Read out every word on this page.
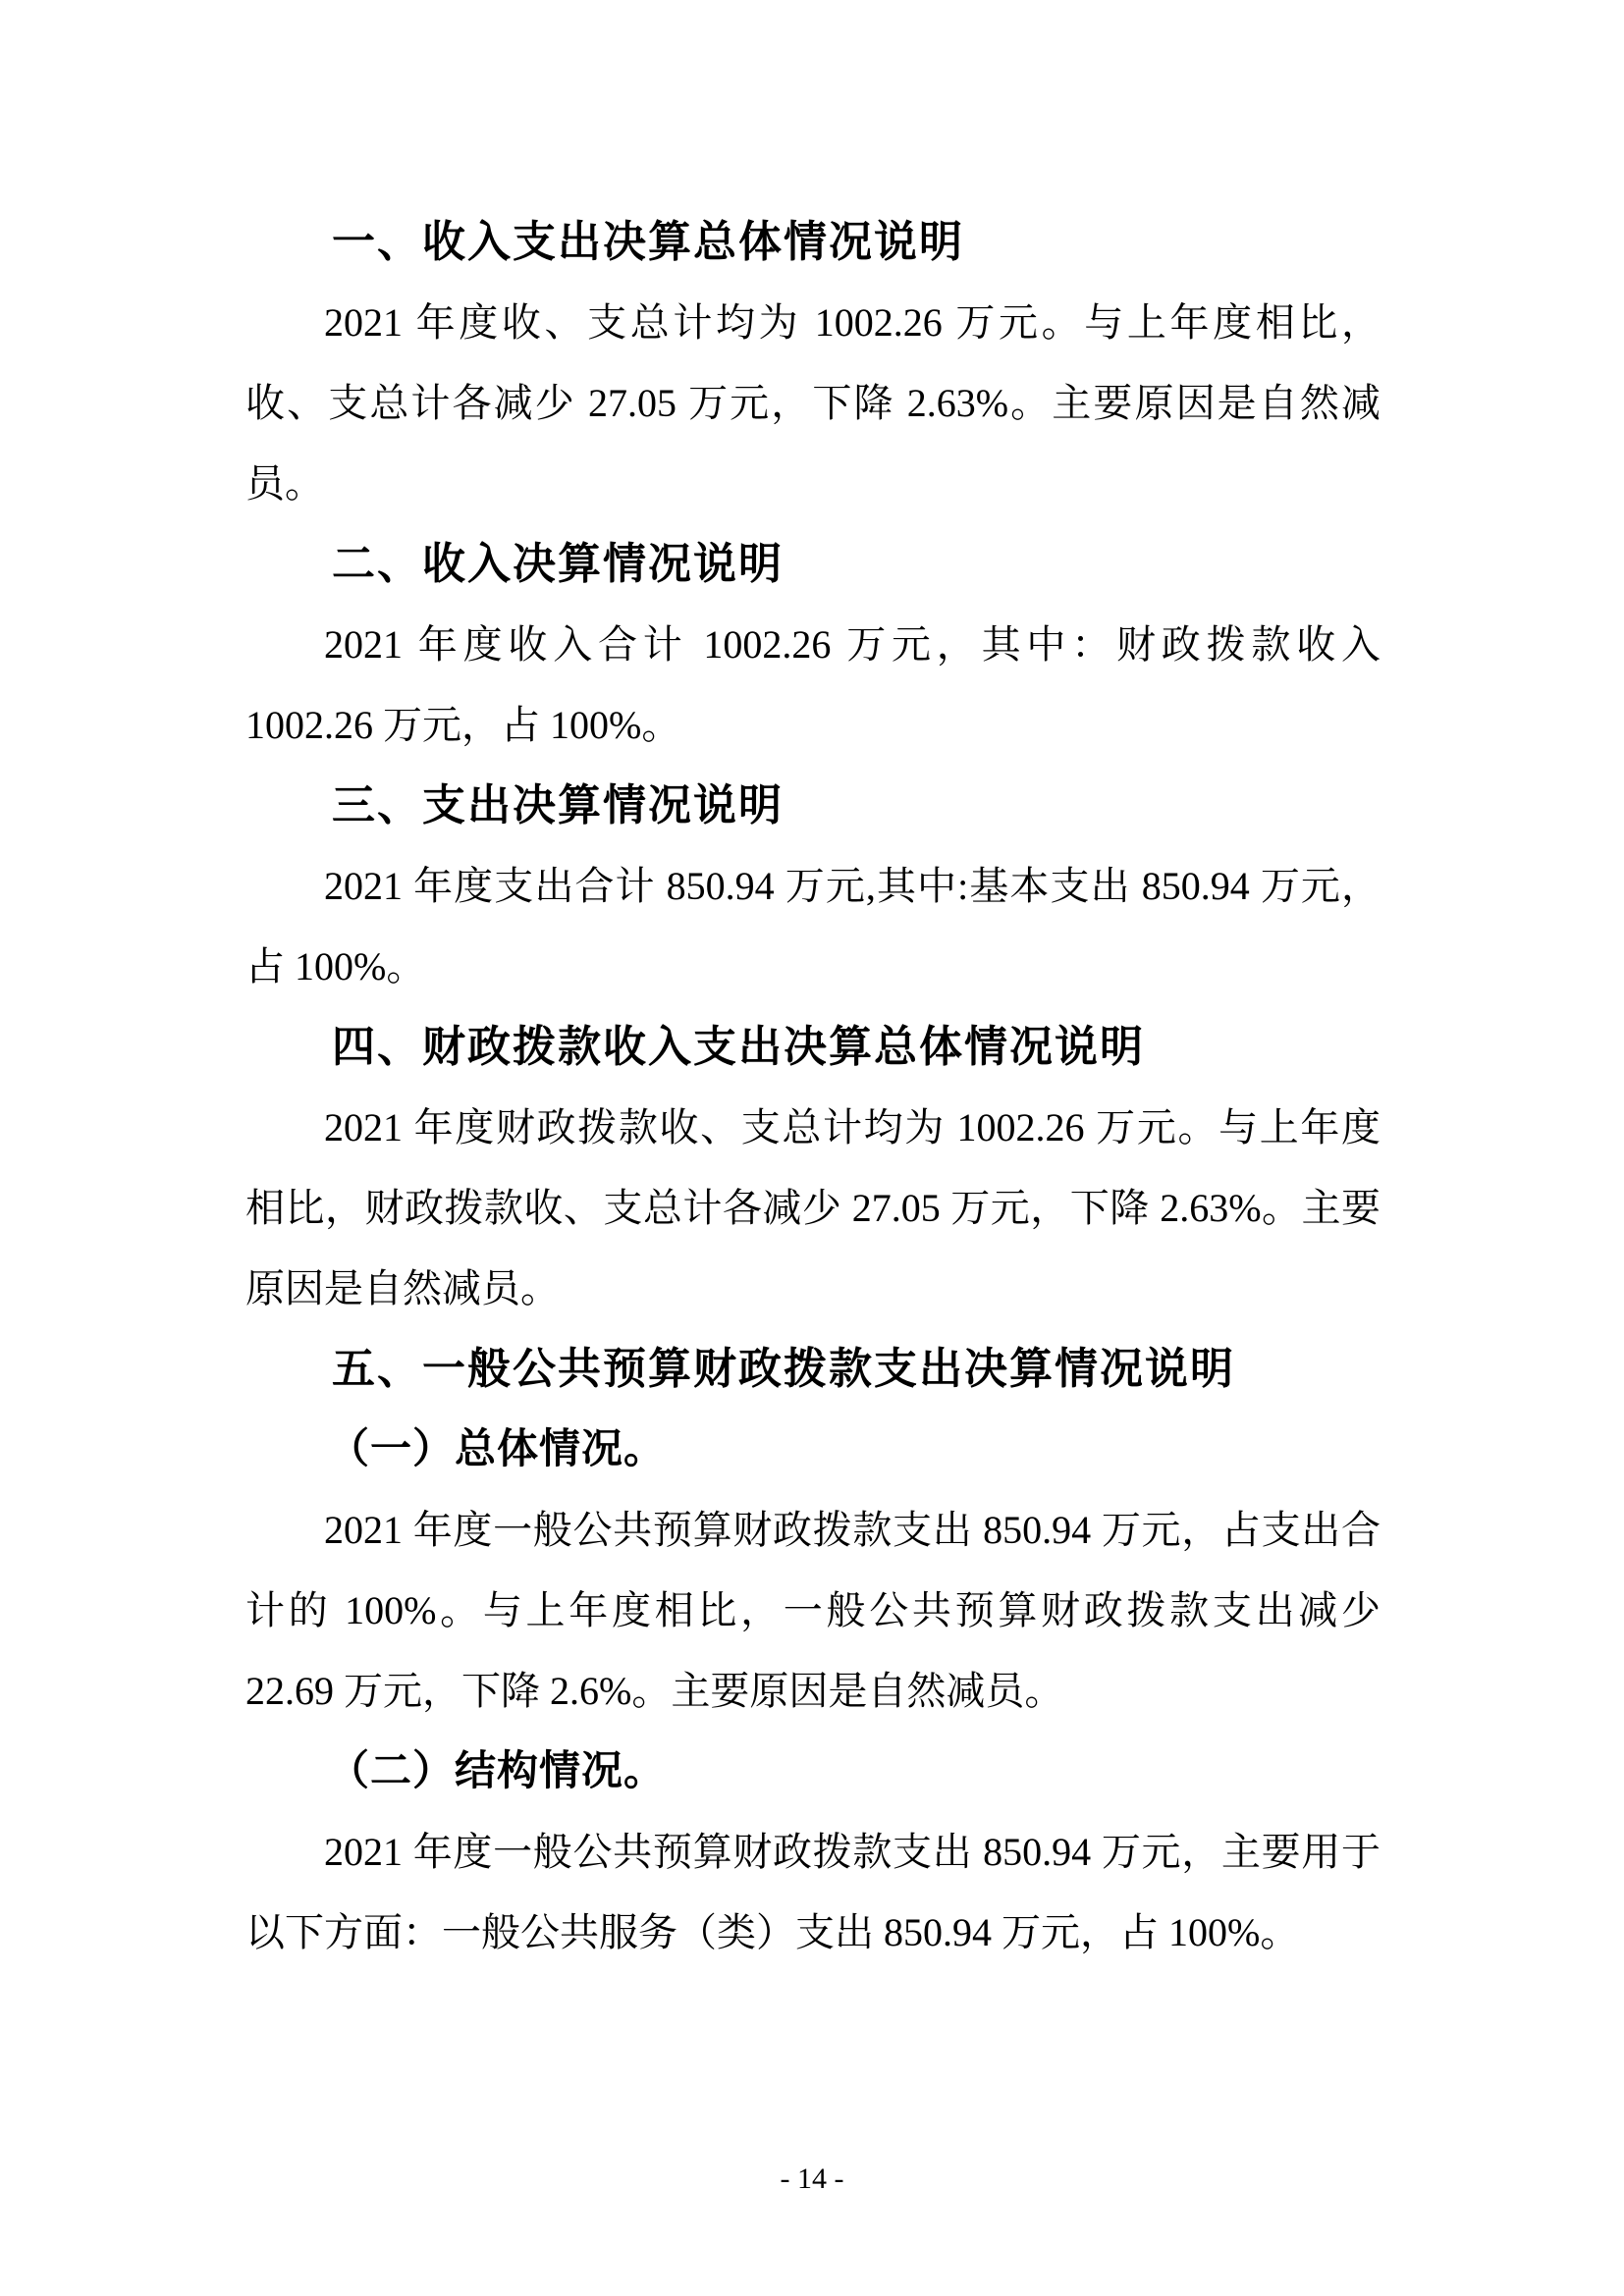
一、收入支出决算总体情况说明

2021 年度收、支总计均为 1002.26 万元。与上年度相比，收、支总计各减少 27.05 万元，下降 2.63%。主要原因是自然减员。

二、收入决算情况说明

2021 年度收入合计 1002.26 万元，其中：财政拨款收入 1002.26 万元，占 100%。

三、支出决算情况说明

2021 年度支出合计 850.94 万元,其中:基本支出 850.94 万元，占 100%。

四、财政拨款收入支出决算总体情况说明

2021 年度财政拨款收、支总计均为 1002.26 万元。与上年度相比，财政拨款收、支总计各减少 27.05 万元，下降 2.63%。主要原因是自然减员。

五、一般公共预算财政拨款支出决算情况说明
（一）总体情况。

2021 年度一般公共预算财政拨款支出 850.94 万元，占支出合计的 100%。与上年度相比，一般公共预算财政拨款支出减少 22.69 万元，下降 2.6%。主要原因是自然减员。

（二）结构情况。

2021 年度一般公共预算财政拨款支出 850.94 万元，主要用于以下方面：一般公共服务（类）支出 850.94 万元，占 100%。

- 14 -
